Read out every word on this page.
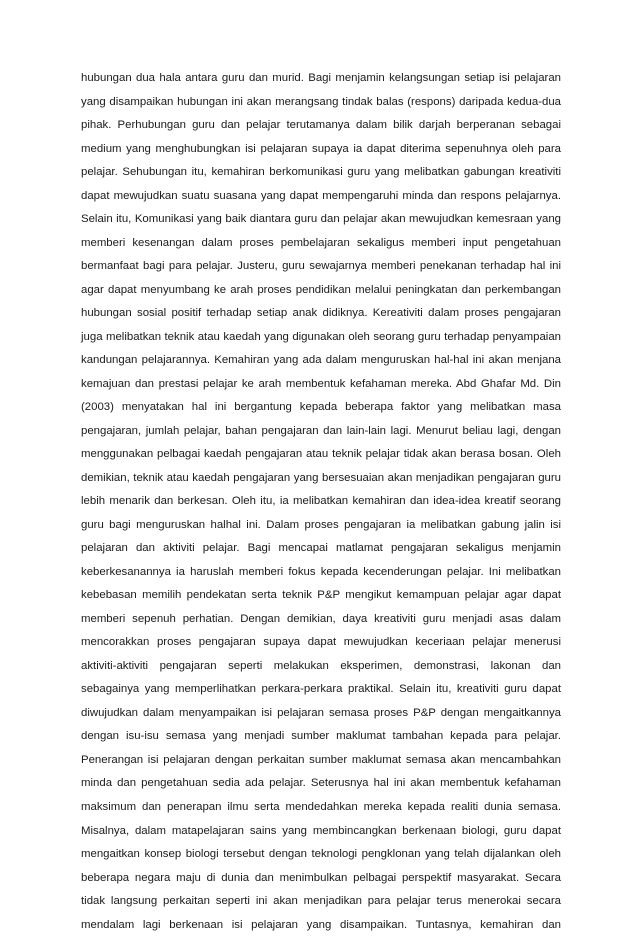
hubungan dua hala antara guru dan murid. Bagi menjamin kelangsungan setiap isi pelajaran
yang disampaikan hubungan ini akan merangsang tindak balas (respons) daripada kedua-dua
pihak. Perhubungan guru dan pelajar terutamanya dalam bilik darjah berperanan sebagai
medium yang menghubungkan isi pelajaran supaya ia dapat diterima sepenuhnya oleh para
pelajar. Sehubungan itu, kemahiran berkomunikasi guru yang melibatkan gabungan kreativiti
dapat mewujudkan suatu suasana yang dapat mempengaruhi minda dan respons pelajarnya.
Selain itu, Komunikasi yang baik diantara guru dan pelajar akan mewujudkan kemesraan yang
memberi kesenangan dalam proses pembelajaran sekaligus memberi input pengetahuan
bermanfaat bagi para pelajar. Justeru, guru sewajarnya memberi penekanan terhadap hal ini
agar dapat menyumbang ke arah proses pendidikan melalui peningkatan dan perkembangan
hubungan sosial positif terhadap setiap anak didiknya. Kereativiti dalam proses pengajaran
juga melibatkan teknik atau kaedah yang digunakan oleh seorang guru terhadap penyampaian
kandungan pelajarannya. Kemahiran yang ada dalam menguruskan hal-hal ini akan menjana
kemajuan dan prestasi pelajar ke arah membentuk kefahaman mereka. Abd Ghafar Md. Din
(2003) menyatakan hal ini bergantung kepada beberapa faktor yang melibatkan masa
pengajaran, jumlah pelajar, bahan pengajaran dan lain-lain lagi. Menurut beliau lagi, dengan
menggunakan pelbagai kaedah pengajaran atau teknik pelajar tidak akan berasa bosan. Oleh
demikian, teknik atau kaedah pengajaran yang bersesuaian akan menjadikan pengajaran guru
lebih menarik dan berkesan. Oleh itu, ia melibatkan kemahiran dan idea-idea kreatif seorang
guru bagi menguruskan halhal ini. Dalam proses pengajaran ia melibatkan gabung jalin isi
pelajaran dan aktiviti pelajar. Bagi mencapai matlamat pengajaran sekaligus menjamin
keberkesanannya ia haruslah memberi fokus kepada kecenderungan pelajar. Ini melibatkan
kebebasan memilih pendekatan serta teknik P&P mengikut kemampuan pelajar agar dapat
memberi sepenuh perhatian. Dengan demikian, daya kreativiti guru menjadi asas dalam
mencorakkan proses pengajaran supaya dapat mewujudkan keceriaan pelajar menerusi
aktiviti-aktiviti pengajaran seperti melakukan eksperimen, demonstrasi, lakonan dan
sebagainya yang memperlihatkan perkara-perkara praktikal. Selain itu, kreativiti guru dapat
diwujudkan dalam menyampaikan isi pelajaran semasa proses P&P dengan mengaitkannya
dengan isu-isu semasa yang menjadi sumber maklumat tambahan kepada para pelajar.
Penerangan isi pelajaran dengan perkaitan sumber maklumat semasa akan mencambahkan
minda dan pengetahuan sedia ada pelajar. Seterusnya hal ini akan membentuk kefahaman
maksimum dan penerapan ilmu serta mendedahkan mereka kepada realiti dunia semasa.
Misalnya, dalam matapelajaran sains yang membincangkan berkenaan biologi, guru dapat
mengaitkan konsep biologi tersebut dengan teknologi pengklonan yang telah dijalankan oleh
beberapa negara maju di dunia dan menimbulkan pelbagai perspektif masyarakat. Secara
tidak langsung perkaitan seperti ini akan menjadikan para pelajar terus menerokai secara
mendalam lagi berkenaan isi pelajaran yang disampaikan. Tuntasnya, kemahiran dan
